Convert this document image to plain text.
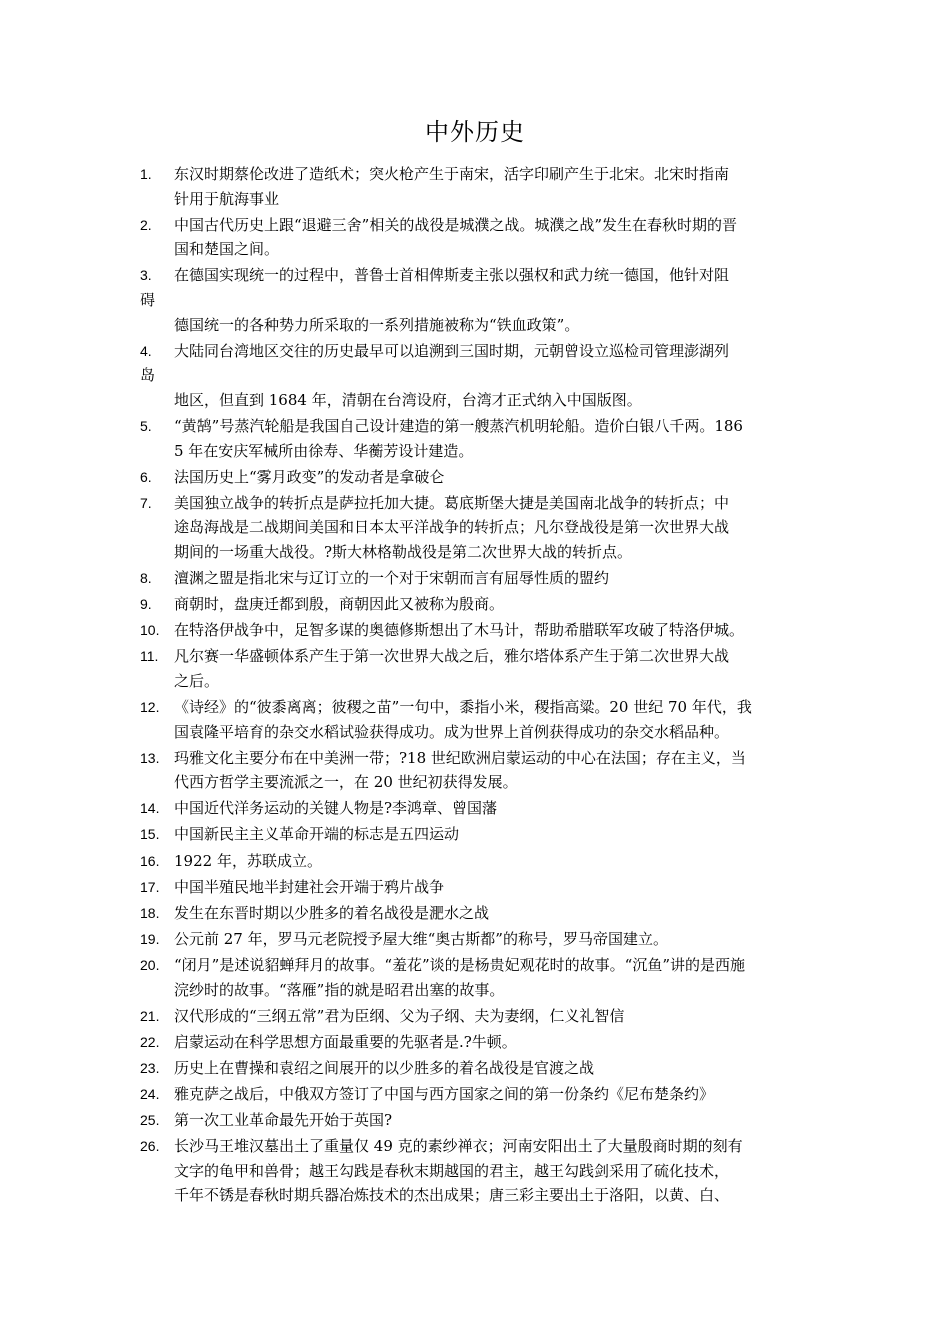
中外历史
1.	东汉时期蔡伦改进了造纸术；突火枪产生于南宋，活字印刷产生于北宋。北宋时指南
针用于航海事业
2.	中国古代历史上跟“退避三舍”相关的战役是城濮之战。城濮之战”发生在春秋时期的晋
国和楚国之间。
3.	在德国实现统一的过程中，普鲁士首相俾斯麦主张以强权和武力统一德国，他针对阻
碍
德国统一的各种势力所采取的一系列措施被称为“铁血政策”。
4.	大陆同台湾地区交往的历史最早可以追溯到三国时期，元朝曾设立巡检司管理澎湖列
岛
地区，但直到 1684 年，清朝在台湾设府，台湾才正式纳入中国版图。
5.	“黄鹄”号蒸汽轮船是我国自己设计建造的第一艘蒸汽机明轮船。造价白银八千两。186
5 年在安庆军械所由徐寿、华蘅芳设计建造。
6.	法国历史上“雾月政变”的发动者是拿破仑
7.	美国独立战争的转折点是萨拉托加大捷。葛底斯堡大捷是美国南北战争的转折点；中
途岛海战是二战期间美国和日本太平洋战争的转折点；凡尔登战役是第一次世界大战
期间的一场重大战役。?斯大林格勒战役是第二次世界大战的转折点。
8.	澶渊之盟是指北宋与辽订立的一个对于宋朝而言有屈辱性质的盟约
9.	商朝时，盘庚迁都到殷，商朝因此又被称为殷商。
10. 在特洛伊战争中，足智多谋的奥德修斯想出了木马计，帮助希腊联军攻破了特洛伊城。
11.	凡尔赛一华盛顿体系产生于第一次世界大战之后，雅尔塔体系产生于第二次世界大战
之后。
12. 《诗经》的“彼黍离离；彼稷之苗”一句中，黍指小米，稷指高粱。20 世纪 70 年代，我
国袁隆平培育的杂交水稻试验获得成功。成为世界上首例获得成功的杂交水稻品种。
13. 玛雅文化主要分布在中美洲一带；?18 世纪欧洲启蒙运动的中心在法国；存在主义，当
代西方哲学主要流派之一，在 20 世纪初获得发展。
14. 中国近代洋务运动的关键人物是?李鸿章、曾国藩
15. 中国新民主主义革命开端的标志是五四运动
16. 1922 年，苏联成立。
17. 中国半殖民地半封建社会开端于鸦片战争
18. 发生在东晋时期以少胜多的着名战役是淝水之战
19. 公元前 27 年，罗马元老院授予屋大维“奥古斯都”的称号，罗马帝国建立。
20. “闭月”是述说貂蝉拜月的故事。“羞花”谈的是杨贵妃观花时的故事。“沉鱼”讲的是西施
浣纱时的故事。“落雁”指的就是昭君出塞的故事。
21. 汉代形成的“三纲五常”君为臣纲、父为子纲、夫为妻纲，仁义礼智信
22. 启蒙运动在科学思想方面最重要的先驱者是.?牛顿。
23. 历史上在曹操和袁绍之间展开的以少胜多的着名战役是官渡之战
24. 雅克萨之战后，中俄双方签订了中国与西方国家之间的第一份条约《尼布楚条约》
25. 第一次工业革命最先开始于英国?
26. 长沙马王堆汉墓出土了重量仅 49 克的素纱禅衣；河南安阳出土了大量殷商时期的刻有
文字的龟甲和兽骨；越王勾践是春秋末期越国的君主，越王勾践剑采用了硫化技术，
千年不锈是春秋时期兵器冶炼技术的杰出成果；唐三彩主要出土于洛阳，以黄、白、
